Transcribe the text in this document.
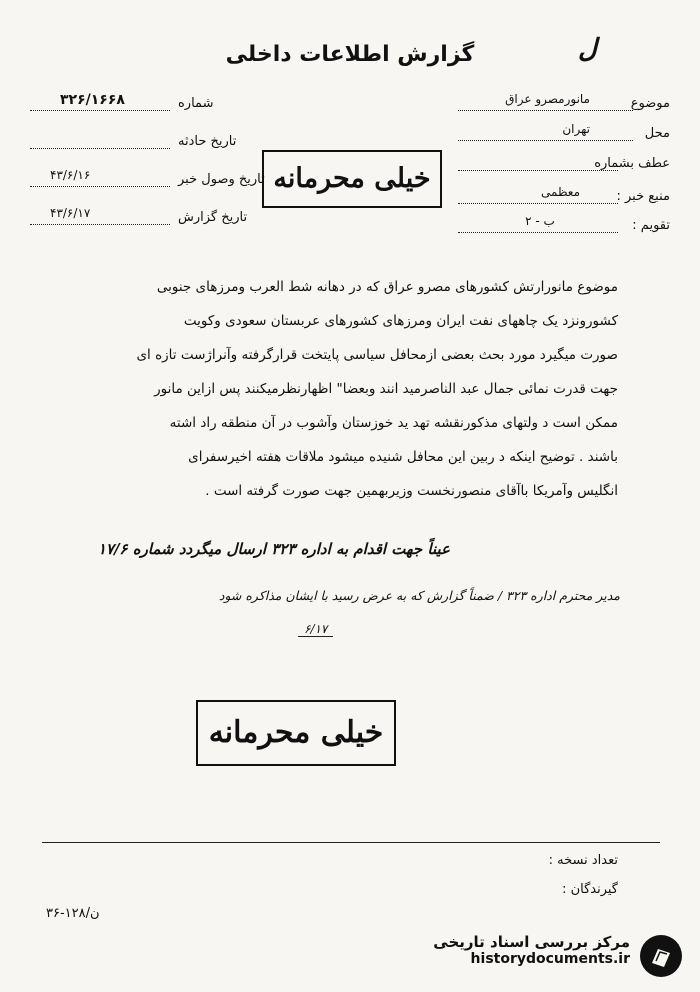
ل
گزارش اطلاعات داخلی
موضوع
مانورمصرو عراق
محل
تهران
عطف بشماره
منبع خبر :
معظمی
تقویم :
ب - ۲
شماره
۳۲۶/۱۶۶۸
تاریخ حادثه
تاریخ وصول خبر
۴۳/۶/۱۶
تاریخ گزارش
۴۳/۶/۱۷
خیلی محرمانه
موضوع مانورارتش کشورهای مصرو عراق که در دهانه شط العرب ومرزهای جنوبی
کشورونزد یک چاههای نفت ایران ومرزهای کشورهای عربستان سعودی وکویت
صورت میگیرد مورد بحث بعضی ازمحافل سیاسی پایتخت قرارگرفته وآنراژست تازه ای
جهت قدرت نمائی جمال عبد الناصرمید انند وبعضا" اظهارنظرمیکنند پس ازاین مانور
ممکن است د ولتهای مذکورنقشه تهد ید خوزستان وآشوب در آن منطقه راد اشته
باشند . توضیح اینکه د ربین این محافل شنیده میشود ملاقات هفته اخیرسفرای
انگلیس وآمریکا باآقای منصورنخست وزیربهمین جهت صورت گرفته است .
عیناً جهت اقدام به اداره ۳۲۳ ارسال میگردد شماره ۱۷/۶
مدیر محترم اداره ۳۲۳ / ضمناً گزارش که به عرض رسید با ایشان مذاکره شود
۶/۱۷
خیلی محرمانه
تعداد نسخه :
گیرندگان :
۳۶-۱۲۸/ن
مرکز بررسی اسناد تاریخی
historydocuments.ir
